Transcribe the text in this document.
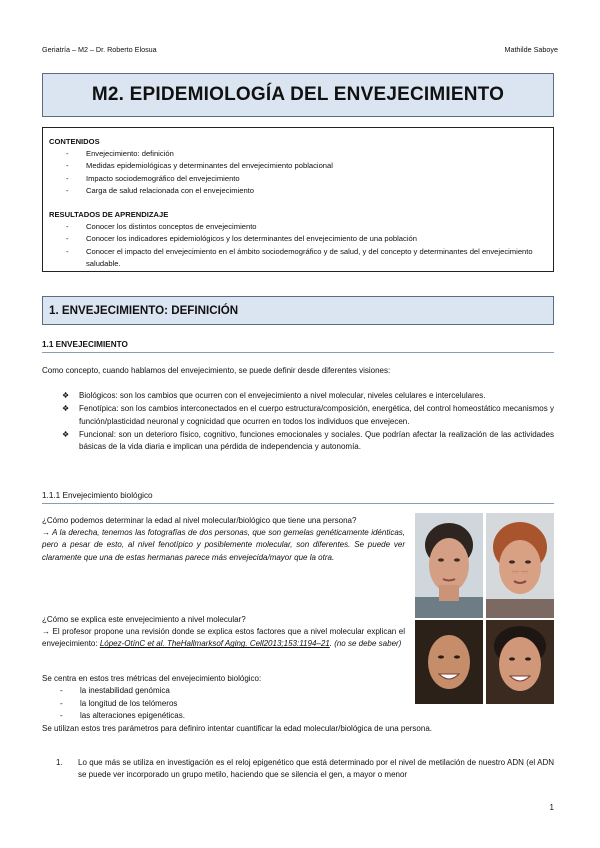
Geriatría – M2 – Dr. Roberto Elosua	Mathilde Saboye
M2. EPIDEMIOLOGÍA DEL ENVEJECIMIENTO
CONTENIDOS
- Envejecimiento: definición
- Medidas epidemiológicas y determinantes del envejecimiento poblacional
- Impacto sociodemográfico del envejecimiento
- Carga de salud relacionada con el envejecimiento
RESULTADOS DE APRENDIZAJE
- Conocer los distintos conceptos de envejecimiento
- Conocer los indicadores epidemiológicos y los determinantes del envejecimiento de una población
- Conocer el impacto del envejecimiento en el ámbito sociodemográfico y de salud, y del concepto y determinantes del envejecimiento saludable.
1. ENVEJECIMIENTO: DEFINICIÓN
1.1 ENVEJECIMIENTO
Como concepto, cuando hablamos del envejecimiento, se puede definir desde diferentes visiones:
❖ Biológicos: son los cambios que ocurren con el envejecimiento a nivel molecular, niveles celulares e intercelulares.
❖ Fenotípica: son los cambios interconectados en el cuerpo estructura/composición, energética, del control homeostático mecanismos y función/plasticidad neuronal y cognicidad que ocurren en todos los individuos que envejecen.
❖ Funcional: son un deterioro físico, cognitivo, funciones emocionales y sociales. Que podrían afectar la realización de las actividades básicas de la vida diaria e implican una pérdida de independencia y autonomía.
1.1.1 Envejecimiento biológico
¿Cómo podemos determinar la edad al nivel molecular/biológico que tiene una persona?
→ A la derecha, tenemos las fotografías de dos personas, que son gemelas genéticamente idénticas, pero a pesar de esto, al nivel fenotípico y posiblemente molecular, son diferentes. Se puede ver claramente que una de estas hermanas parece más envejecida/mayor que la otra.
¿Cómo se explica este envejecimiento a nivel molecular?
→ El profesor propone una revisión donde se explica estos factores que a nivel molecular explican el envejecimiento: López-OtínC et al. TheHallmarksof Aging. Cell2013;153:1194–21. (no se debe saber)
Se centra en estos tres métricas del envejecimiento biológico:
- la inestabilidad genómica
- la longitud de los telómeros
- las alteraciones epigenéticas.
Se utilizan estos tres parámetros para definiro intentar cuantificar la edad molecular/biológica de una persona.
1.	Lo que más se utiliza en investigación es el reloj epigenético que está determinado por el nivel de metilación de nuestro ADN (el ADN se puede ver incorporado un grupo metilo, haciendo que se silencia el gen, a mayor o menor
1
